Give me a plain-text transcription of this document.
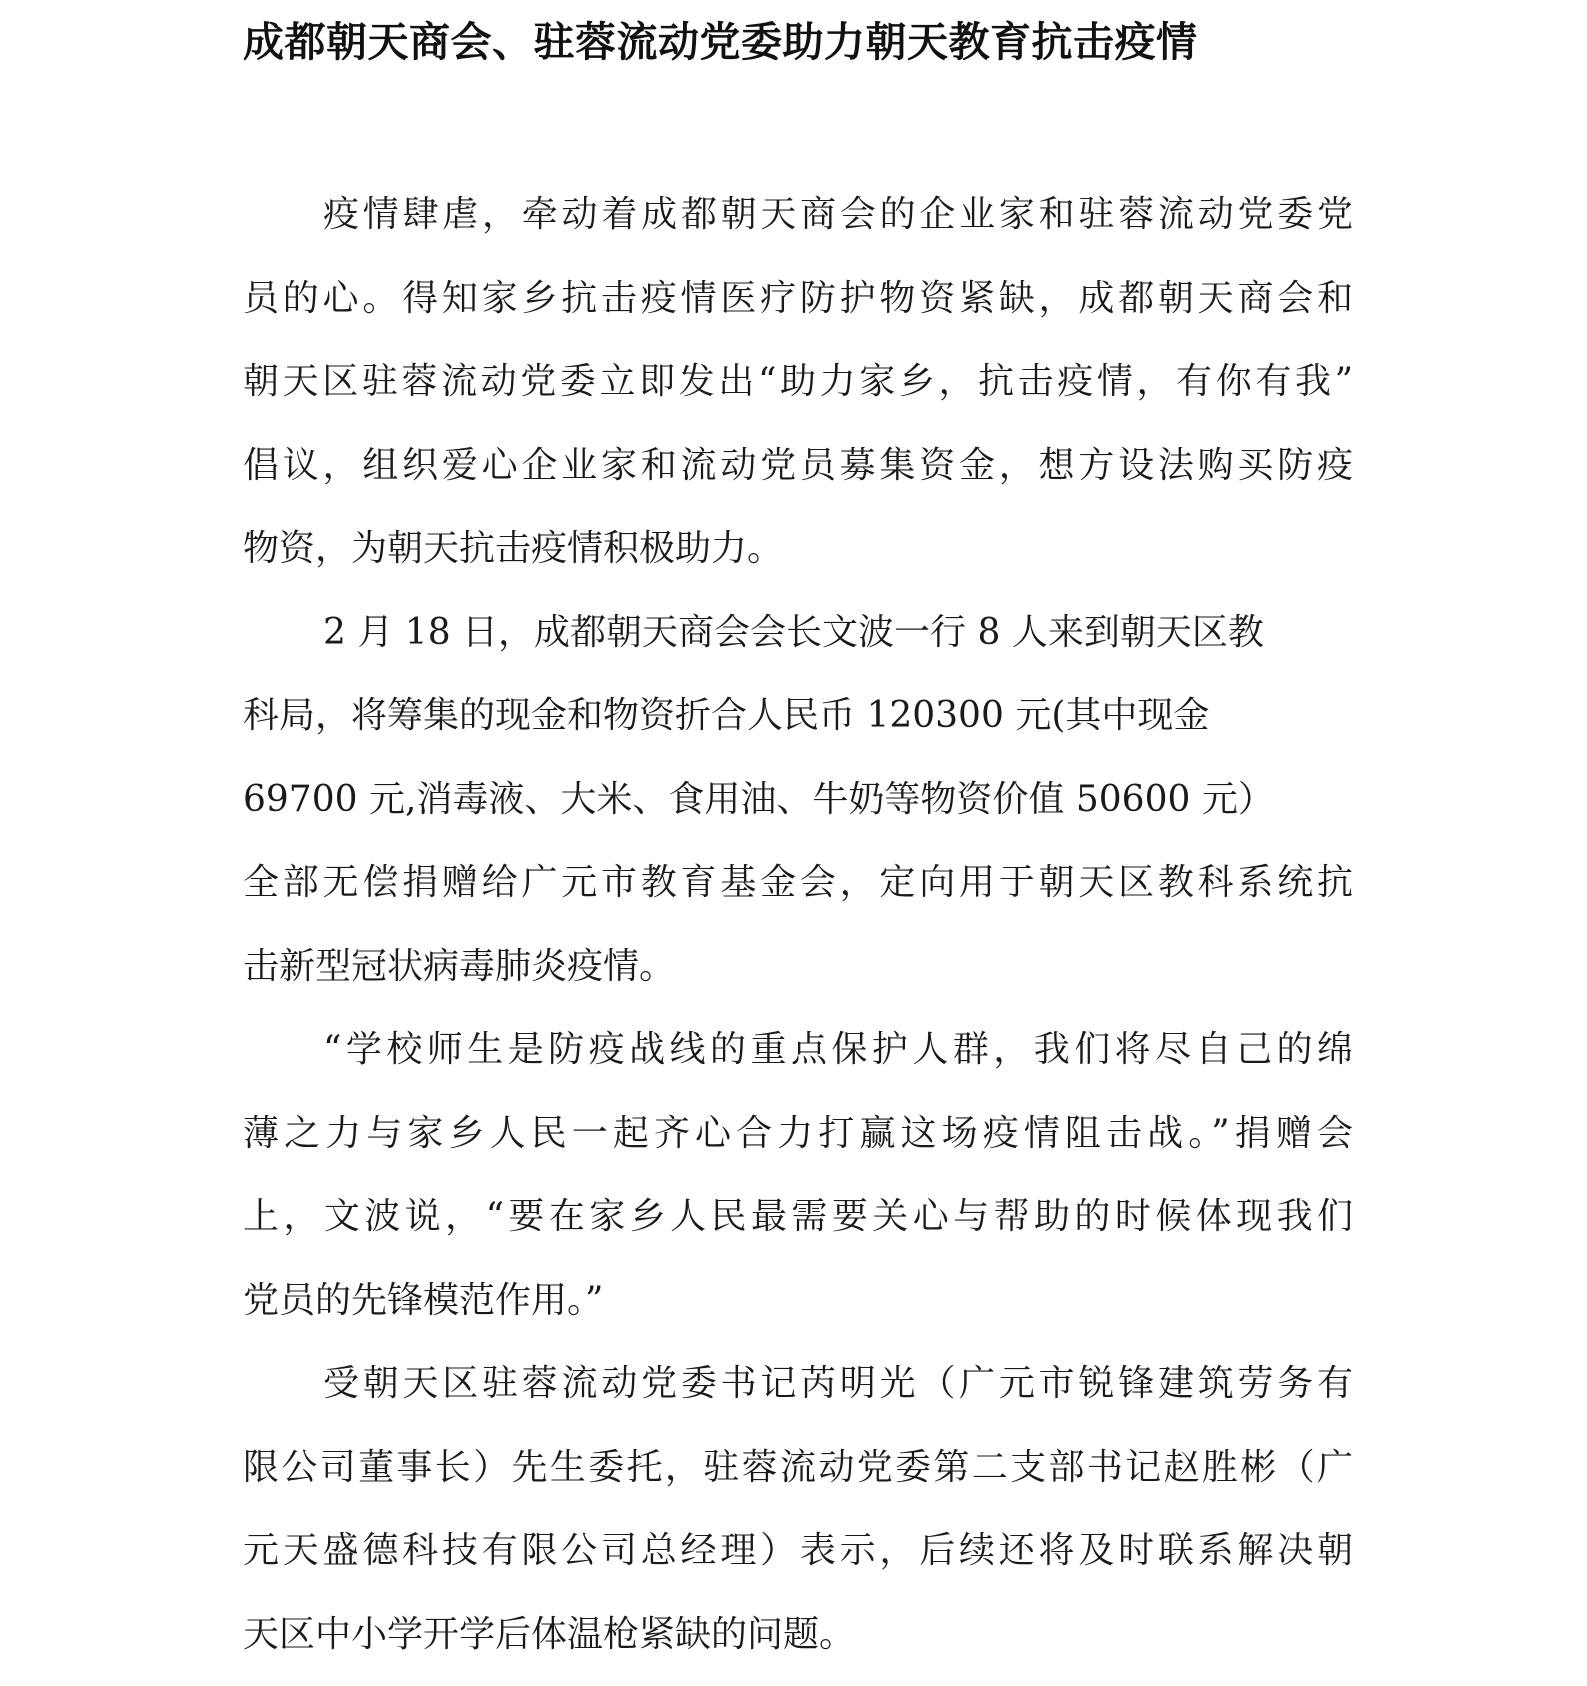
成都朝天商会、驻蓉流动党委助力朝天教育抗击疫情
疫情肆虐，牵动着成都朝天商会的企业家和驻蓉流动党委党
员的心。得知家乡抗击疫情医疗防护物资紧缺，成都朝天商会和
朝天区驻蓉流动党委立即发出“助力家乡，抗击疫情，有你有我”
倡议，组织爱心企业家和流动党员募集资金，想方设法购买防疫
物资，为朝天抗击疫情积极助力。
2 月 18 日，成都朝天商会会长文波一行 8 人来到朝天区教
科局，将筹集的现金和物资折合人民币 120300 元(其中现金
69700 元,消毒液、大米、食用油、牛奶等物资价值 50600 元）
全部无偿捐赠给广元市教育基金会，定向用于朝天区教科系统抗
击新型冠状病毒肺炎疫情。
“学校师生是防疫战线的重点保护人群，我们将尽自己的绵
薄之力与家乡人民一起齐心合力打赢这场疫情阻击战。”捐赠会
上，文波说，“要在家乡人民最需要关心与帮助的时候体现我们
党员的先锋模范作用。”
受朝天区驻蓉流动党委书记芮明光（广元市锐锋建筑劳务有
限公司董事长）先生委托，驻蓉流动党委第二支部书记赵胜彬（广
元天盛德科技有限公司总经理）表示，后续还将及时联系解决朝
天区中小学开学后体温枪紧缺的问题。
